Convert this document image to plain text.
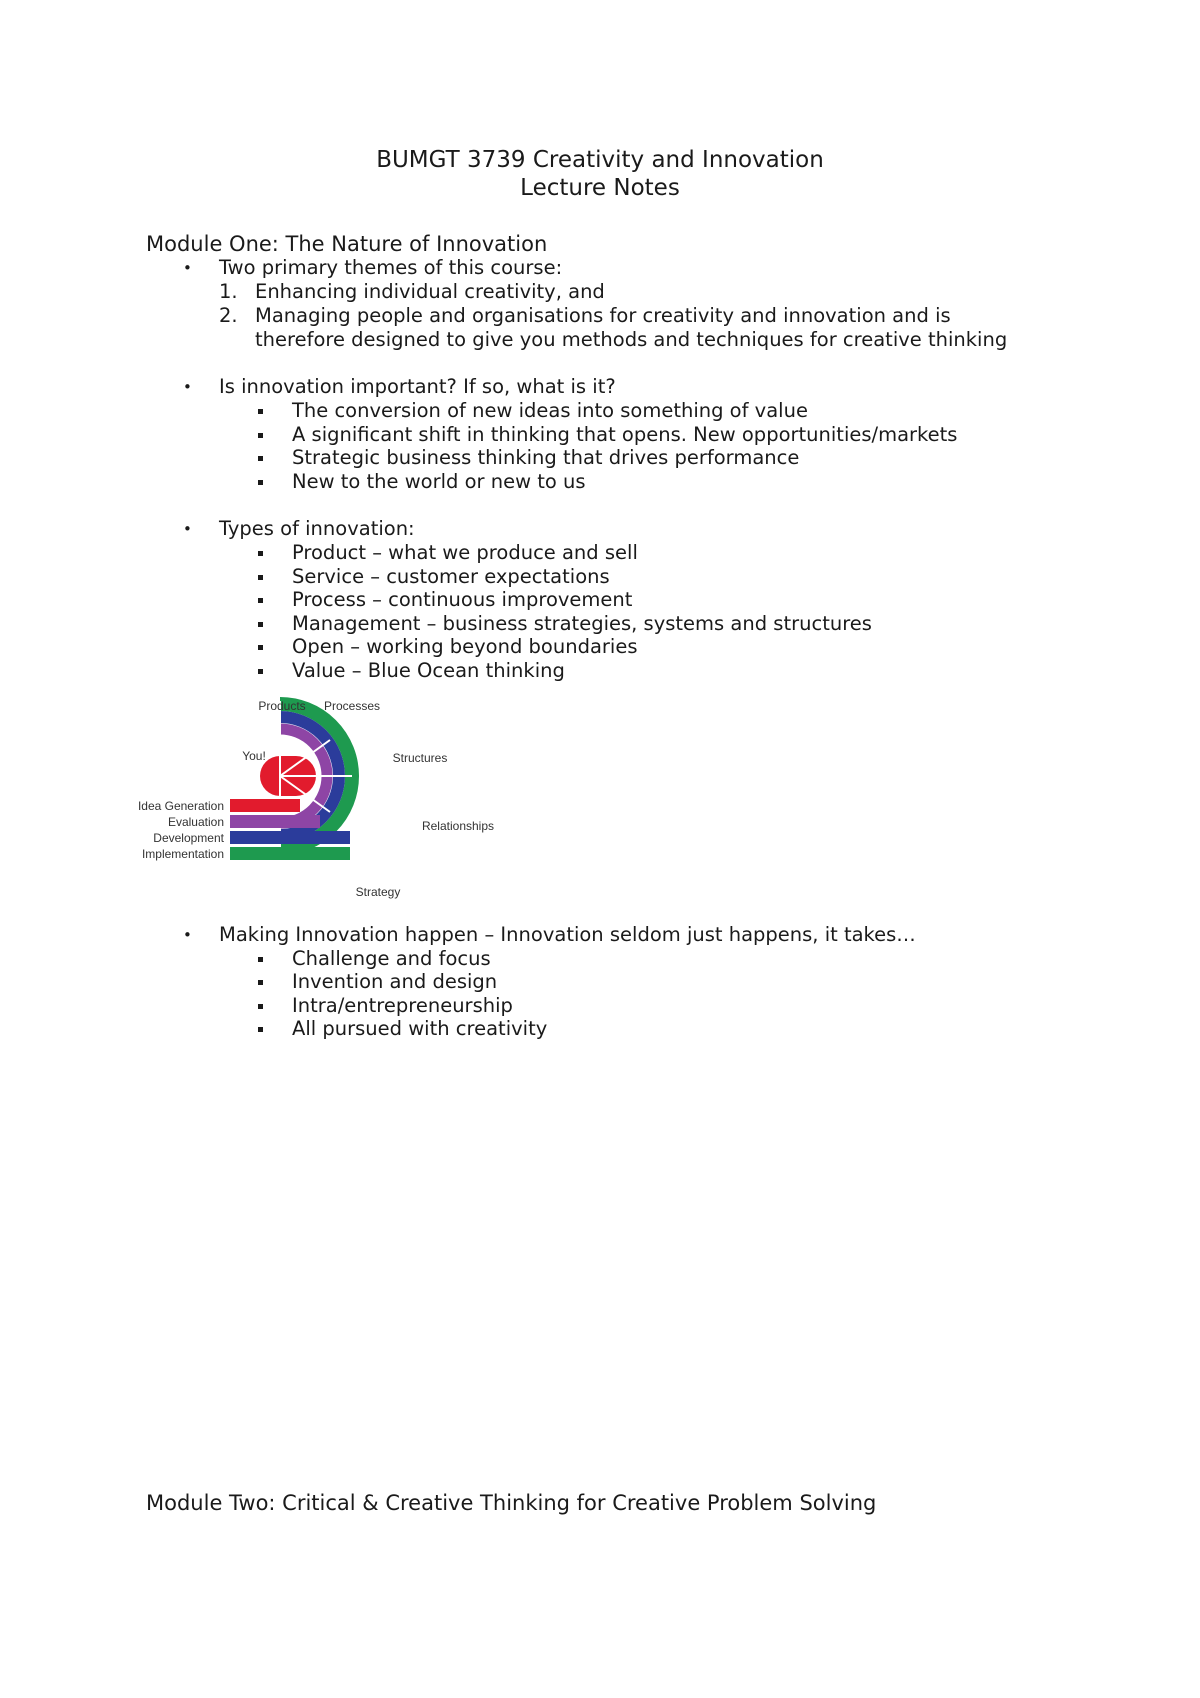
BUMGT 3739 Creativity and Innovation
Lecture Notes
Module One: The Nature of Innovation
• Two primary themes of this course:
1. Enhancing individual creativity, and
2. Managing people and organisations for creativity and innovation and is
therefore designed to give you methods and techniques for creative thinking
• Is innovation important? If so, what is it?
The conversion of new ideas into something of value
A significant shift in thinking that opens. New opportunities/markets
Strategic business thinking that drives performance
New to the world or new to us
• Types of innovation:
Product – what we produce and sell
Service – customer expectations
Process – continuous improvement
Management – business strategies, systems and structures
Open – working beyond boundaries
Value – Blue Ocean thinking
Products Processes
Structures
Relationships
Strategy
You!
Idea Generation
Evaluation
Development
Implementation
• Making Innovation happen – Innovation seldom just happens, it takes…
Challenge and focus
Invention and design
Intra/entrepreneurship
All pursued with creativity
Module Two: Critical & Creative Thinking for Creative Problem Solving
